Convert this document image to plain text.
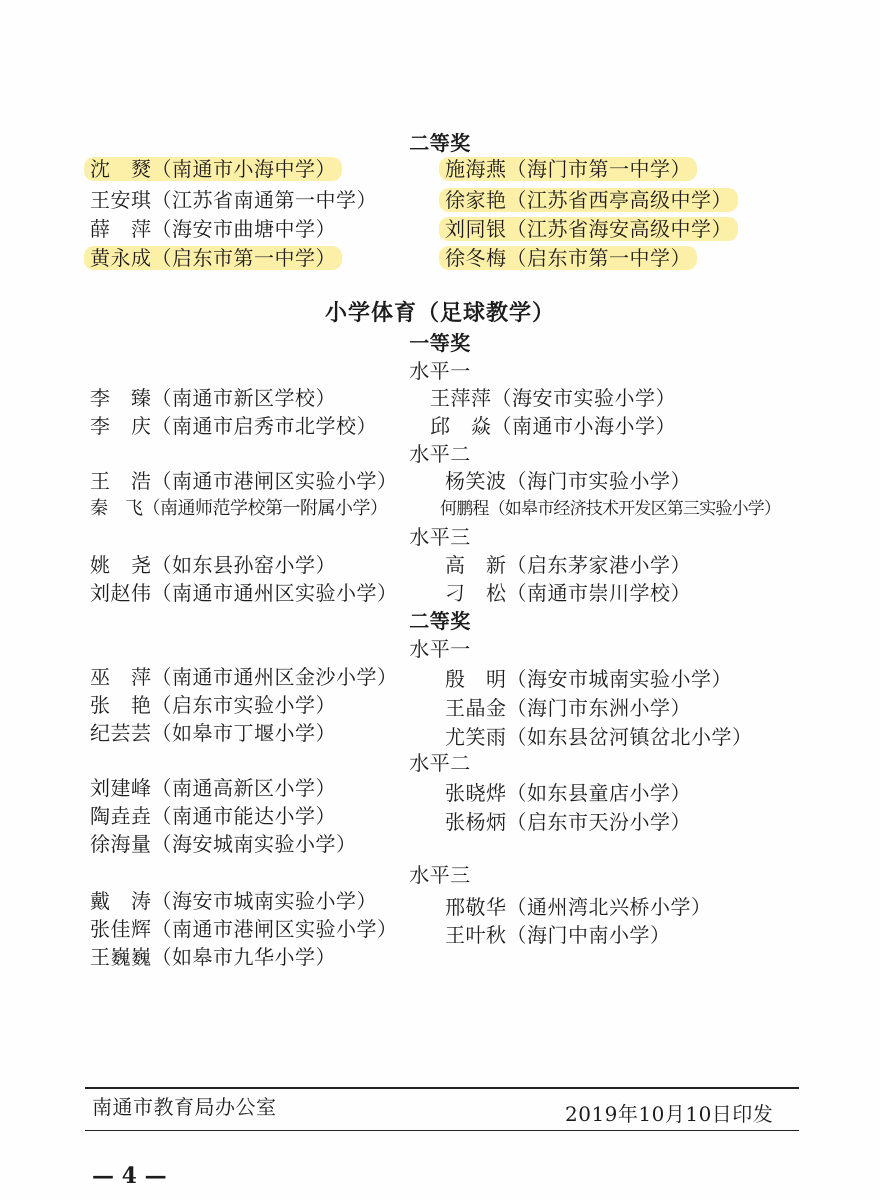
二等奖
沈　燹（南通市小海中学）	施海燕（海门市第一中学）
王安琪（江苏省南通第一中学）	徐家艳（江苏省西亭高级中学）
薛　萍（海安市曲塘中学）	刘同银（江苏省海安高级中学）
黄永成（启东市第一中学）	徐冬梅（启东市第一中学）
小学体育（足球教学）
一等奖
水平一
李　臻（南通市新区学校）	王萍萍（海安市实验小学）
李　庆（南通市启秀市北学校）	邱　焱（南通市小海小学）
水平二
王　浩（南通市港闸区实验小学） 杨笑波（海门市实验小学）
秦　飞（南通师范学校第一附属小学）	何鹏程（如皋市经济技术开发区第三实验小学）
水平三
姚　尧（如东县孙窑小学）	高　新（启东茅家港小学）
刘赵伟（南通市通州区实验小学） 刁　松（南通市崇川学校）
二等奖
水平一
巫　萍（南通市通州区金沙小学） 殷　明（海安市城南实验小学）
张　艳（启东市实验小学）	王晶金（海门市东洲小学）
纪芸芸（如皋市丁堰小学）	尤笑雨（如东县岔河镇岔北小学）
水平二
刘建峰（南通高新区小学）	张晓烨（如东县童店小学）
陶垚垚（南通市能达小学）	张杨炳（启东市天汾小学）
徐海量（海安城南实验小学）
水平三
戴　涛（海安市城南实验小学）	邢敬华（通州湾北兴桥小学）
张佳辉（南通市港闸区实验小学） 王叶秋（海门中南小学）
王巍巍（如皋市九华小学）
南通市教育局办公室	2019年10月10日印发
— 4 —
